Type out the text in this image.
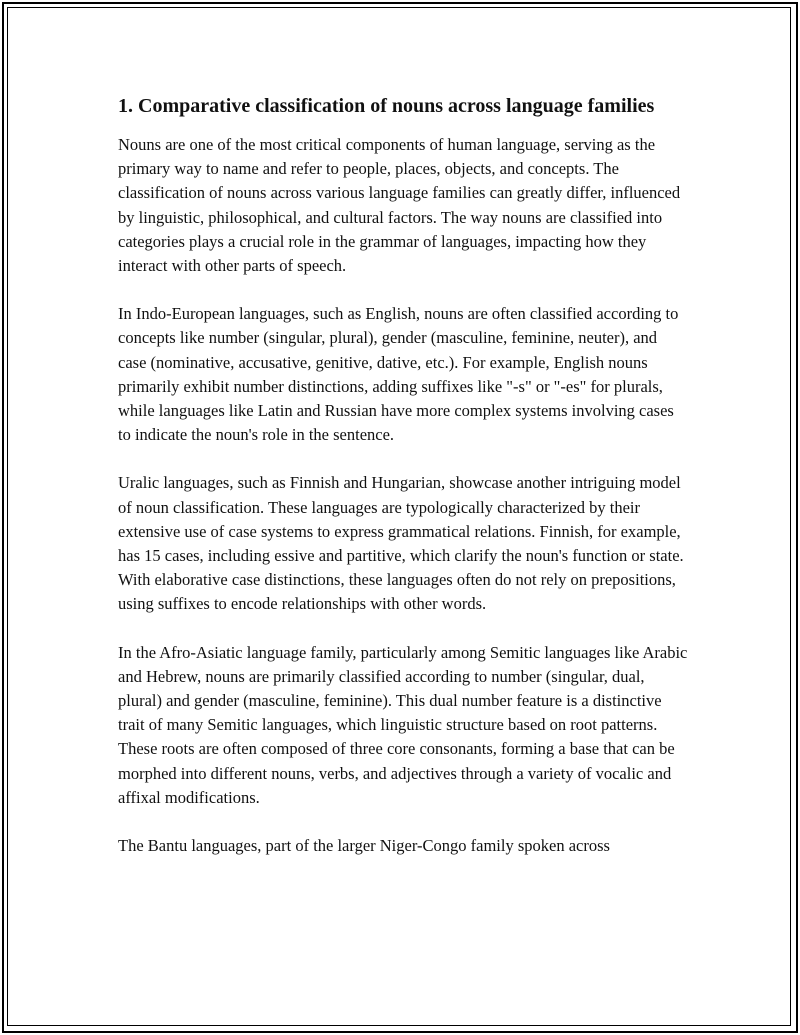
1. Comparative classification of nouns across language families

Nouns are one of the most critical components of human language, serving as the primary way to name and refer to people, places, objects, and concepts. The classification of nouns across various language families can greatly differ, influenced by linguistic, philosophical, and cultural factors. The way nouns are classified into categories plays a crucial role in the grammar of languages, impacting how they interact with other parts of speech.

In Indo-European languages, such as English, nouns are often classified according to concepts like number (singular, plural), gender (masculine, feminine, neuter), and case (nominative, accusative, genitive, dative, etc.). For example, English nouns primarily exhibit number distinctions, adding suffixes like "-s" or "-es" for plurals, while languages like Latin and Russian have more complex systems involving cases to indicate the noun's role in the sentence.

Uralic languages, such as Finnish and Hungarian, showcase another intriguing model of noun classification. These languages are typologically characterized by their extensive use of case systems to express grammatical relations. Finnish, for example, has 15 cases, including essive and partitive, which clarify the noun's function or state. With elaborative case distinctions, these languages often do not rely on prepositions, using suffixes to encode relationships with other words.

In the Afro-Asiatic language family, particularly among Semitic languages like Arabic and Hebrew, nouns are primarily classified according to number (singular, dual, plural) and gender (masculine, feminine). This dual number feature is a distinctive trait of many Semitic languages, which linguistic structure based on root patterns. These roots are often composed of three core consonants, forming a base that can be morphed into different nouns, verbs, and adjectives through a variety of vocalic and affixal modifications.

The Bantu languages, part of the larger Niger-Congo family spoken across
